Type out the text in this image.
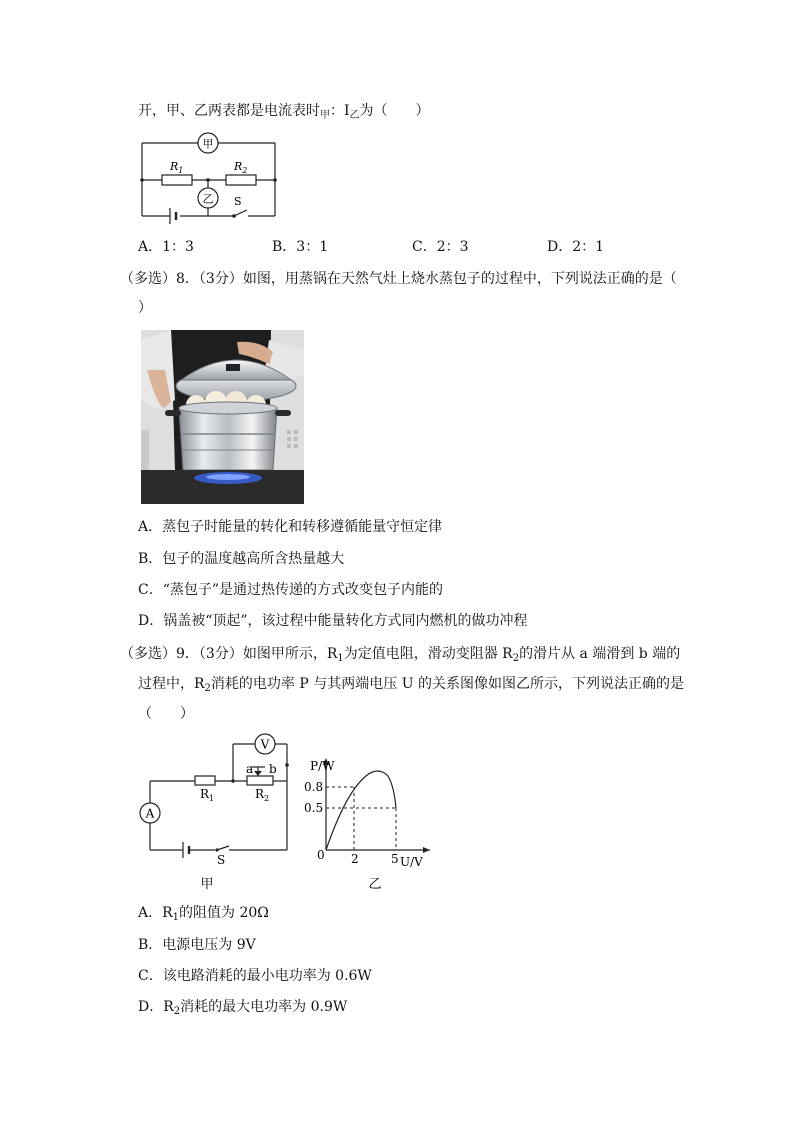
开，甲、乙两表都是电流表时$_甲$：$I_乙$为（　　）
甲
乙
$R_1$	$R_2$
S
A．1：3	B．3：1	C．2：3	D．2：1
（多选）8．（3分）如图，用蒸锅在天然气灶上烧水蒸包子的过程中，下列说法正确的是（
）
A．蒸包子时能量的转化和转移遵循能量守恒定律
B．包子的温度越高所含热量越大
C．“蒸包子”是通过热传递的方式改变包子内能的
D．锅盖被“顶起”，该过程中能量转化方式同内燃机的做功冲程
（多选）9．（3分）如图甲所示，$R_1$为定值电阻，滑动变阻器 $R_2$的滑片从 a 端滑到 b 端的
过程中，$R_2$消耗的电功率 P 与其两端电压 U 的关系图像如图乙所示，下列说法正确的是
（　　）
V
A
a b
$R_1$	$R_2$
S
甲
P/W
U/V
0.8
0.5
0 2	5
乙
A．$R_1$的阻值为 20Ω
B．电源电压为 9V
C．该电路消耗的最小电功率为 0.6W
D．$R_2$消耗的最大电功率为 0.9W
